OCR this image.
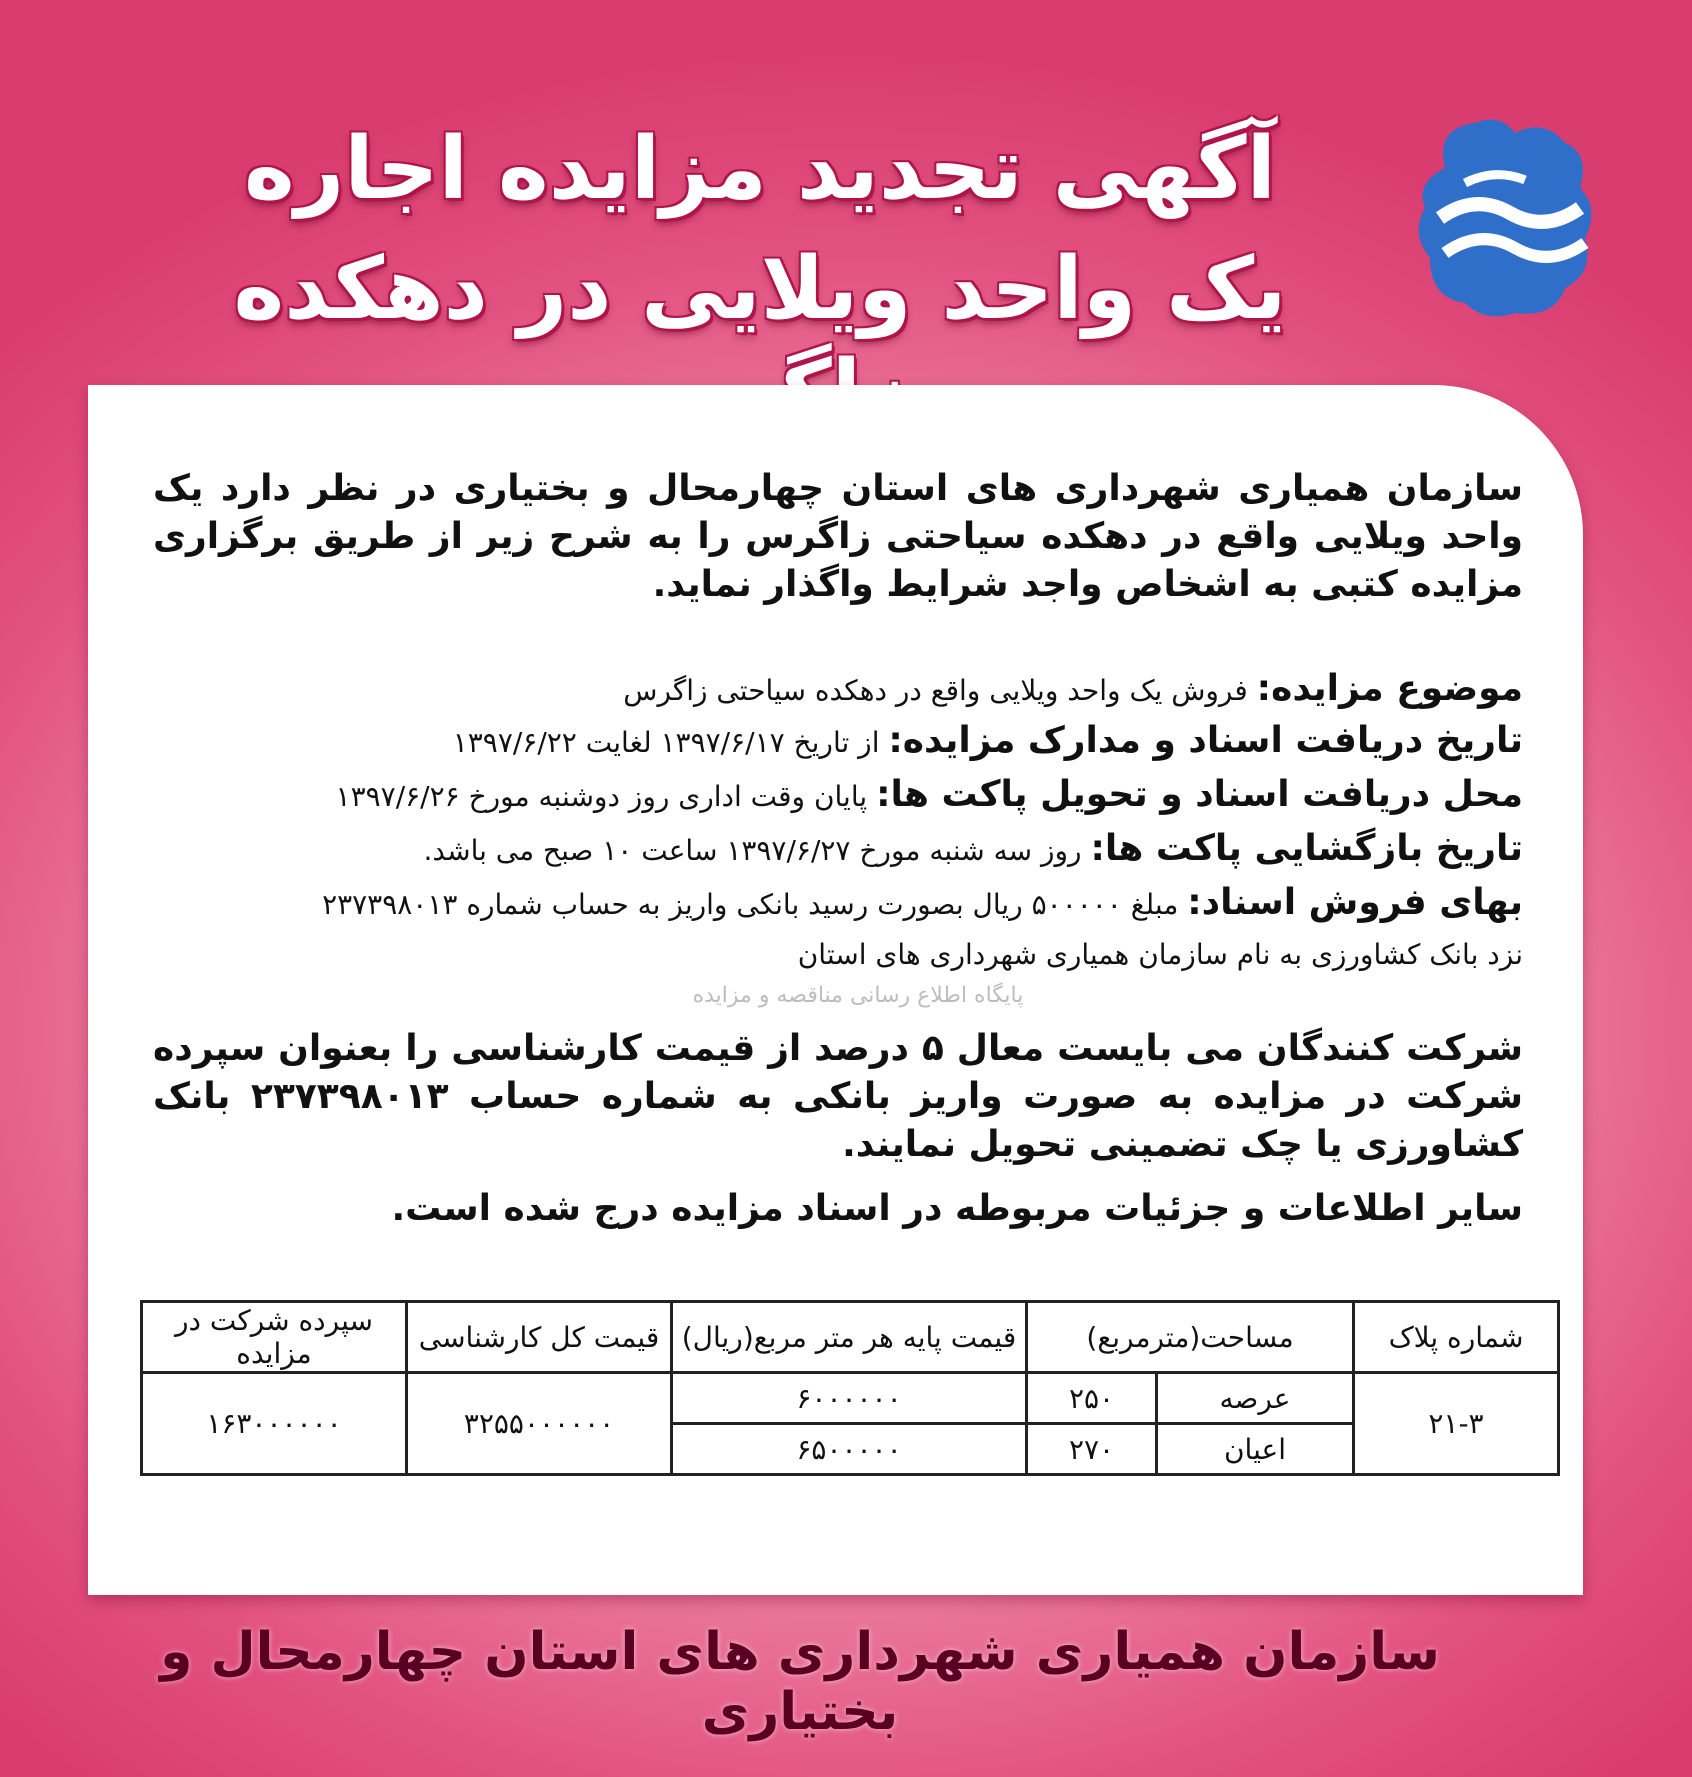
آگهی تجدید مزایده اجاره
یک واحد ویلایی در دهکده

سازمان همیاری شهرداری های استان چهارمحال و بختیاری در نظر دارد یک واحد ویلایی واقع در دهکده سیاحتی زاگرس را به شرح زیر از طریق برگزاری مزایده کتبی به اشخاص واجد شرایط واگذار نماید.

موضوع مزایده: فروش یک واحد ویلایی واقع در دهکده سیاحتی زاگرس
تاریخ دریافت اسناد و مدارک مزایده: از تاریخ ۱۳۹۷/۶/۱۷ لغایت ۱۳۹۷/۶/۲۲
محل دریافت اسناد و تحویل پاکت ها: پایان وقت اداری روز دوشنبه مورخ ۱۳۹۷/۶/۲۶
تاریخ بازگشایی پاکت ها: روز سه شنبه مورخ ۱۳۹۷/۶/۲۷ ساعت ۱۰ صبح می باشد.
بهای فروش اسناد: مبلغ ۵۰۰۰۰۰ ریال بصورت رسید بانکی واریز به حساب شماره ۲۳۷۳۹۸۰۱۳
نزد بانک کشاورزی به نام سازمان همیاری شهرداری های استان
پایگاه اطلاع رسانی مناقصه و مزایده

شرکت کنندگان می بایست معال ۵ درصد از قیمت کارشناسی را بعنوان سپرده شرکت در مزایده به صورت واریز بانکی به شماره حساب ۲۳۷۳۹۸۰۱۳ بانک کشاورزی یا چک تضمینی تحویل نمایند.

سایر اطلاعات و جزئیات مربوطه در اسناد مزایده درج شده است.
شماره پلاک	مساحت(مترمربع)		قیمت پایه هر متر مربع(ریال)	قیمت کل کارشناسی	سپرده شرکت در مزایده
۲۱-۳	عرصه	۲۵۰	۶۰۰۰۰۰۰	۳۲۵۵۰۰۰۰۰۰	۱۶۳۰۰۰۰۰۰
	اعیان	۲۷۰	۶۵۰۰۰۰۰		
سازمان همیاری شهرداری های استان چهارمحال و بختیاری
